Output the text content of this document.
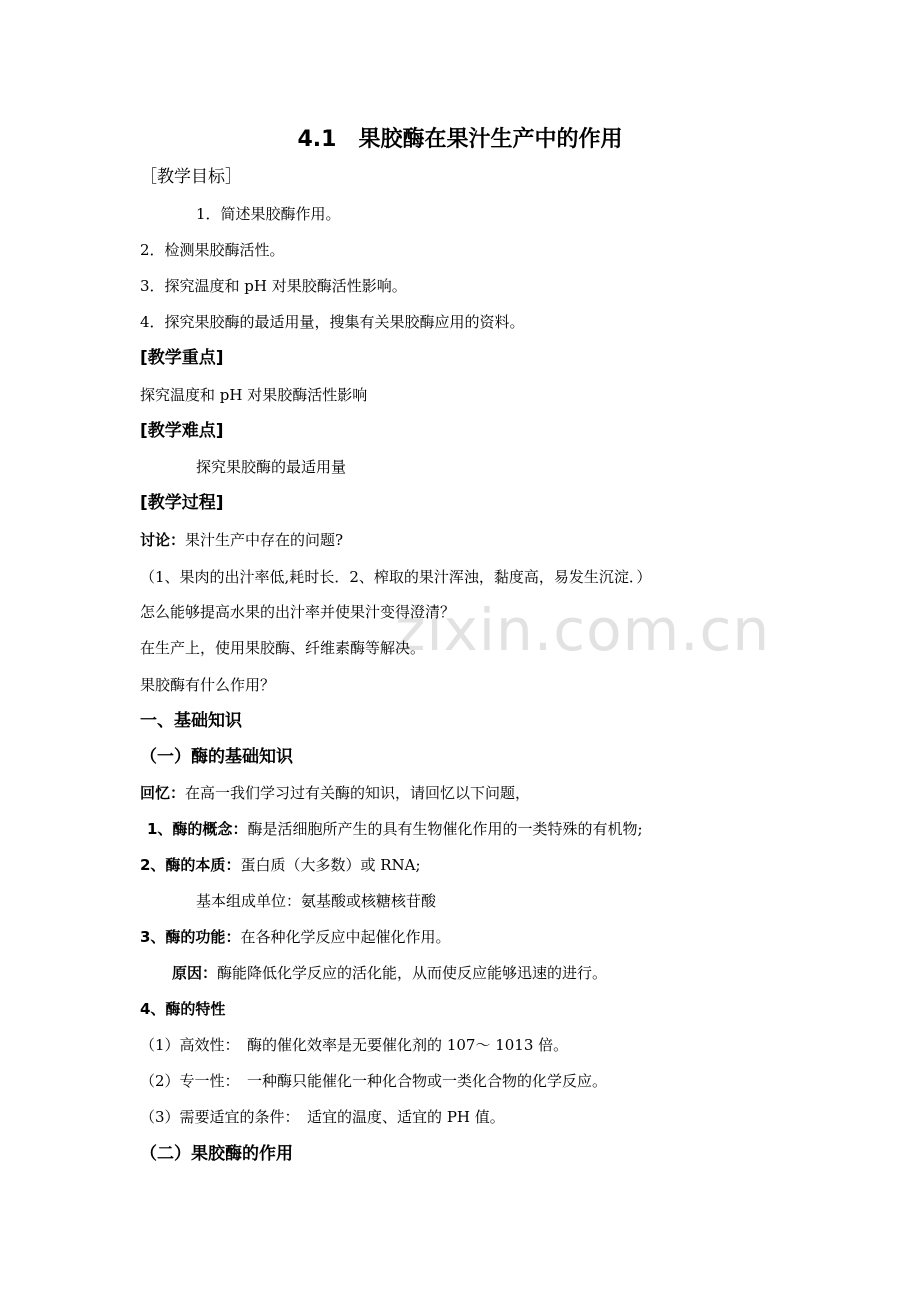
zixin.com.cn
4.1　果胶酶在果汁生产中的作用
［教学目标］
1．简述果胶酶作用。
2．检测果胶酶活性。
3．探究温度和 pH 对果胶酶活性影响。
4．探究果胶酶的最适用量，搜集有关果胶酶应用的资料。
[教学重点]
探究温度和 pH 对果胶酶活性影响
[教学难点]
探究果胶酶的最适用量
[教学过程]
讨论：果汁生产中存在的问题?
（1、果肉的出汁率低,耗时长．2、榨取的果汁浑浊，黏度高，易发生沉淀．）
怎么能够提高水果的出汁率并使果汁变得澄清？
在生产上，使用果胶酶、纤维素酶等解决。
果胶酶有什么作用？
一、基础知识
（一）酶的基础知识
回忆：在高一我们学习过有关酶的知识，请回忆以下问题，
1、酶的概念：酶是活细胞所产生的具有生物催化作用的一类特殊的有机物;
2、酶的本质：蛋白质（大多数）或 RNA;
基本组成单位：氨基酸或核糖核苷酸
3、酶的功能：在各种化学反应中起催化作用。
原因：酶能降低化学反应的活化能，从而使反应能够迅速的进行。
4、酶的特性
（1）高效性：　酶的催化效率是无要催化剂的 107～ 1013 倍。
（2）专一性：　一种酶只能催化一种化合物或一类化合物的化学反应。
（3）需要适宜的条件：　适宜的温度、适宜的 PH 值。
（二）果胶酶的作用
